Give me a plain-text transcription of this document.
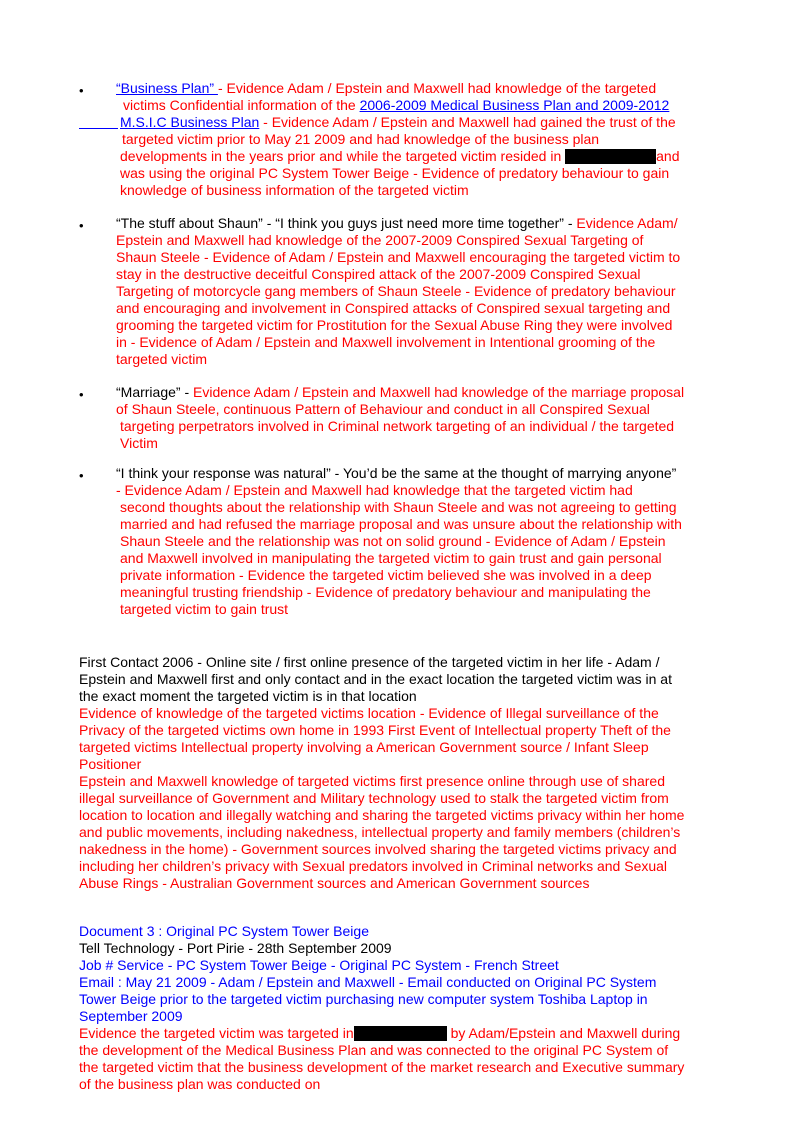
•	“Business Plan” - Evidence Adam / Epstein and Maxwell had knowledge of the targeted
victims Confidential information of the 2006-2009 Medical Business Plan and 2009-2012
M.S.I.C Business Plan - Evidence Adam / Epstein and Maxwell had gained the trust of the
targeted victim prior to May 21 2009 and had knowledge of the business plan
developments in the years prior and while the targeted victim resided in	and
was using the original PC System Tower Beige - Evidence of predatory behaviour to gain
knowledge of business information of the targeted victim
•	“The stuff about Shaun” - “I think you guys just need more time together” - Evidence Adam/
Epstein and Maxwell had knowledge of the 2007-2009 Conspired Sexual Targeting of
Shaun Steele - Evidence of Adam / Epstein and Maxwell encouraging the targeted victim to
stay in the destructive deceitful Conspired attack of the 2007-2009 Conspired Sexual
Targeting of motorcycle gang members of Shaun Steele - Evidence of predatory behaviour
and encouraging and involvement in Conspired attacks of Conspired sexual targeting and
grooming the targeted victim for Prostitution for the Sexual Abuse Ring they were involved
in - Evidence of Adam / Epstein and Maxwell involvement in Intentional grooming of the
targeted victim
•	“Marriage” - Evidence Adam / Epstein and Maxwell had knowledge of the marriage proposal
of Shaun Steele, continuous Pattern of Behaviour and conduct in all Conspired Sexual
targeting perpetrators involved in Criminal network targeting of an individual / the targeted
Victim
•	“I think your response was natural” - You’d be the same at the thought of marrying anyone”
- Evidence Adam / Epstein and Maxwell had knowledge that the targeted victim had
second thoughts about the relationship with Shaun Steele and was not agreeing to getting
married and had refused the marriage proposal and was unsure about the relationship with
Shaun Steele and the relationship was not on solid ground - Evidence of Adam / Epstein
and Maxwell involved in manipulating the targeted victim to gain trust and gain personal
private information - Evidence the targeted victim believed she was involved in a deep
meaningful trusting friendship - Evidence of predatory behaviour and manipulating the
targeted victim to gain trust
First Contact 2006 - Online site / first online presence of the targeted victim in her life - Adam /
Epstein and Maxwell first and only contact and in the exact location the targeted victim was in at
the exact moment the targeted victim is in that location
Evidence of knowledge of the targeted victims location - Evidence of Illegal surveillance of the
Privacy of the targeted victims own home in 1993 First Event of Intellectual property Theft of the
targeted victims Intellectual property involving a American Government source / Infant Sleep
Positioner
Epstein and Maxwell knowledge of targeted victims first presence online through use of shared
illegal surveillance of Government and Military technology used to stalk the targeted victim from
location to location and illegally watching and sharing the targeted victims privacy within her home
and public movements, including nakedness, intellectual property and family members (children’s
nakedness in the home) - Government sources involved sharing the targeted victims privacy and
including her children’s privacy with Sexual predators involved in Criminal networks and Sexual
Abuse Rings - Australian Government sources and American Government sources
Document 3 : Original PC System Tower Beige
Tell Technology - Port Pirie - 28th September 2009
Job # Service - PC System Tower Beige - Original PC System - French Street
Email : May 21 2009 - Adam / Epstein and Maxwell - Email conducted on Original PC System
Tower Beige prior to the targeted victim purchasing new computer system Toshiba Laptop in
September 2009
Evidence the targeted victim was targeted in	by Adam/Epstein and Maxwell during
the development of the Medical Business Plan and was connected to the original PC System of
the targeted victim that the business development of the market research and Executive summary
of the business plan was conducted on
